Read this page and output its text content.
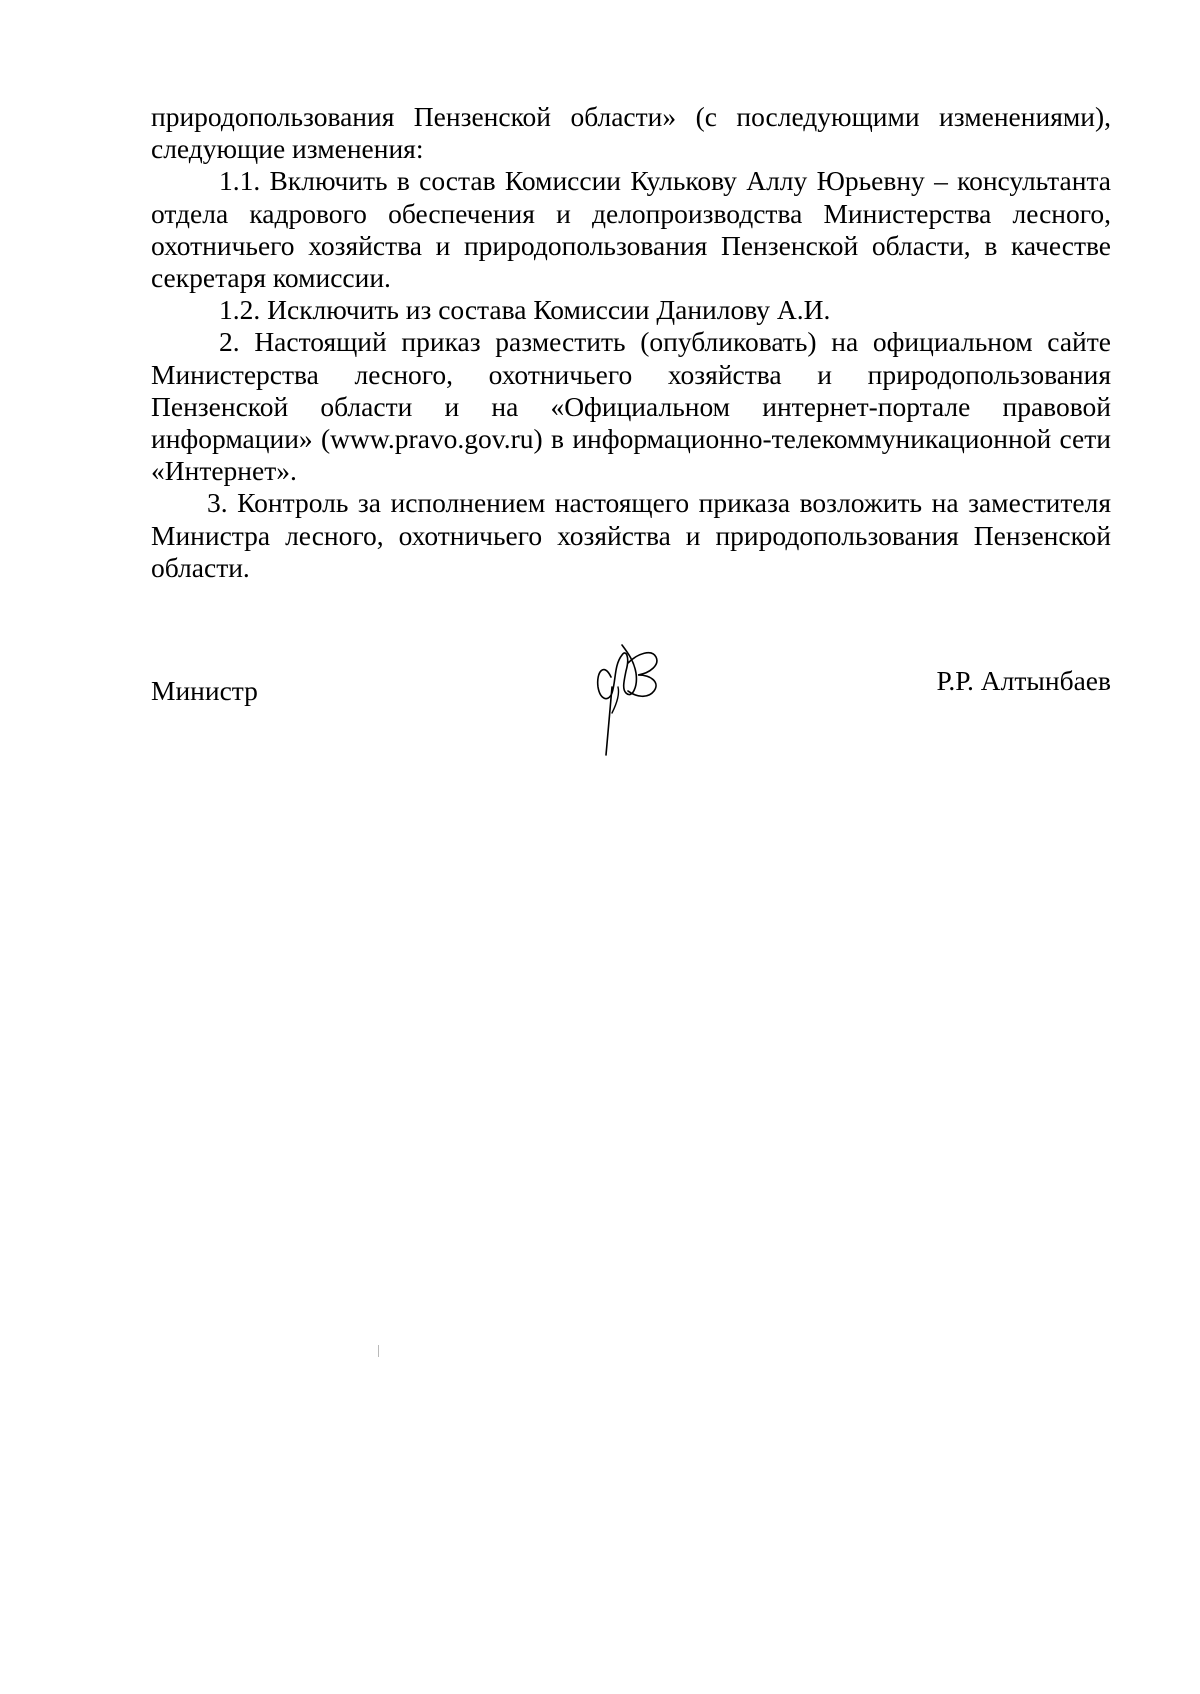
природопользования Пензенской области» (с последующими изменениями),

следующие изменения:

1.1. Включить в состав Комиссии Кулькову Аллу Юрьевну – консультанта отдела кадрового обеспечения и делопроизводства Министерства лесного, охотничьего хозяйства и природопользования Пензенской области, в качестве секретаря комиссии.

1.2. Исключить из состава Комиссии Данилову А.И.

2. Настоящий приказ разместить (опубликовать) на официальном сайте Министерства лесного, охотничьего хозяйства и природопользования Пензенской области и на «Официальном интернет-портале правовой информации» (www.pravo.gov.ru) в информационно-телекоммуникационной сети «Интернет».

3. Контроль за исполнением настоящего приказа возложить на заместителя Министра лесного, охотничьего хозяйства и природопользования Пензенской области.

Министр	Р.Р. Алтынбаев
